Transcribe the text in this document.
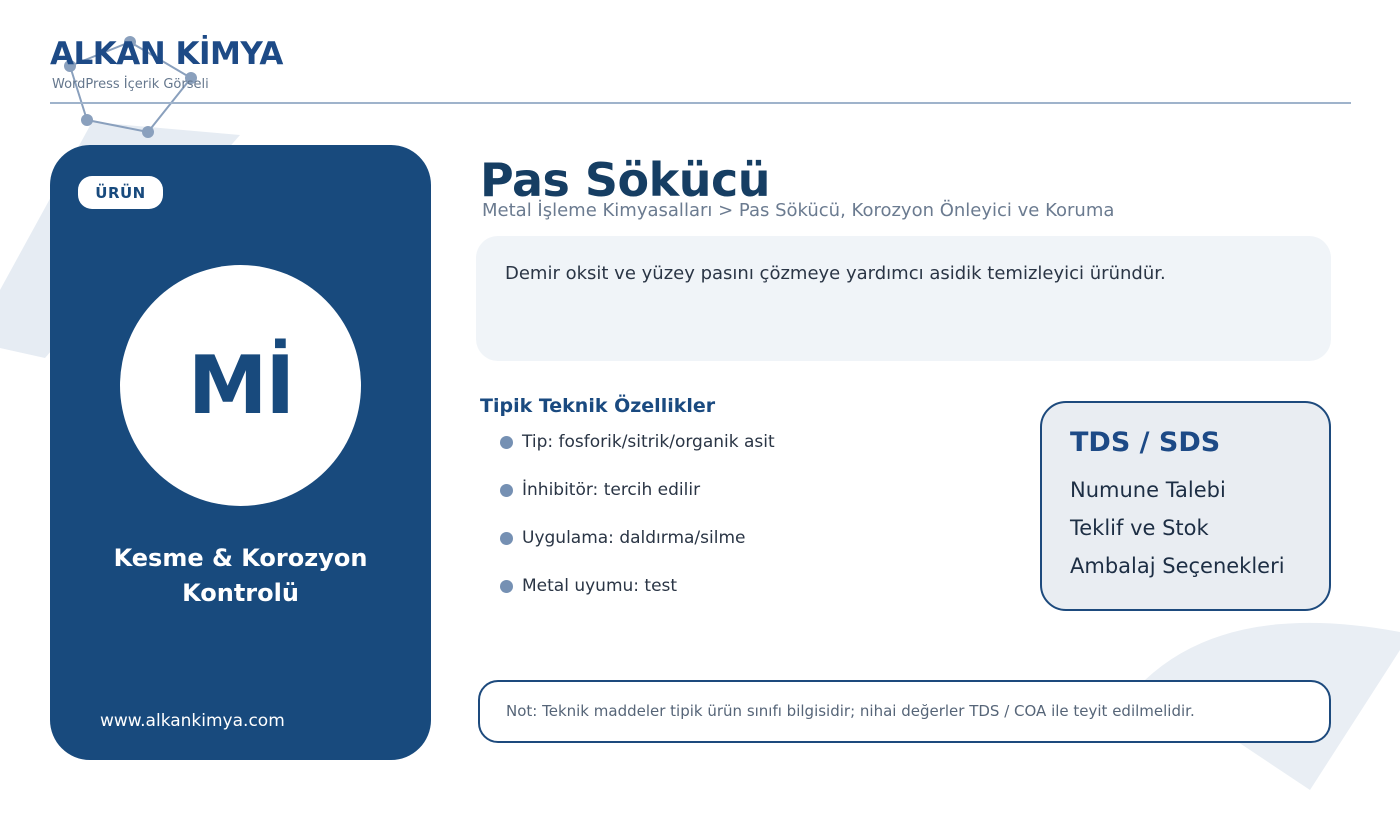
ALKAN KİMYA
WordPress İçerik Görseli
ÜRÜN
Mİ
Kesme & Korozyon Kontrolü
www.alkankimya.com
Pas Sökücü
Metal İşleme Kimyasalları > Pas Sökücü, Korozyon Önleyici ve Koruma
Demir oksit ve yüzey pasını çözmeye yardımcı asidik temizleyici üründür.
Tipik Teknik Özellikler
Tip: fosforik/sitrik/organik asit
İnhibitör: tercih edilir
Uygulama: daldırma/silme
Metal uyumu: test
TDS / SDS
Numune Talebi
Teklif ve Stok
Ambalaj Seçenekleri
Not: Teknik maddeler tipik ürün sınıfı bilgisidir; nihai değerler TDS / COA ile teyit edilmelidir.
